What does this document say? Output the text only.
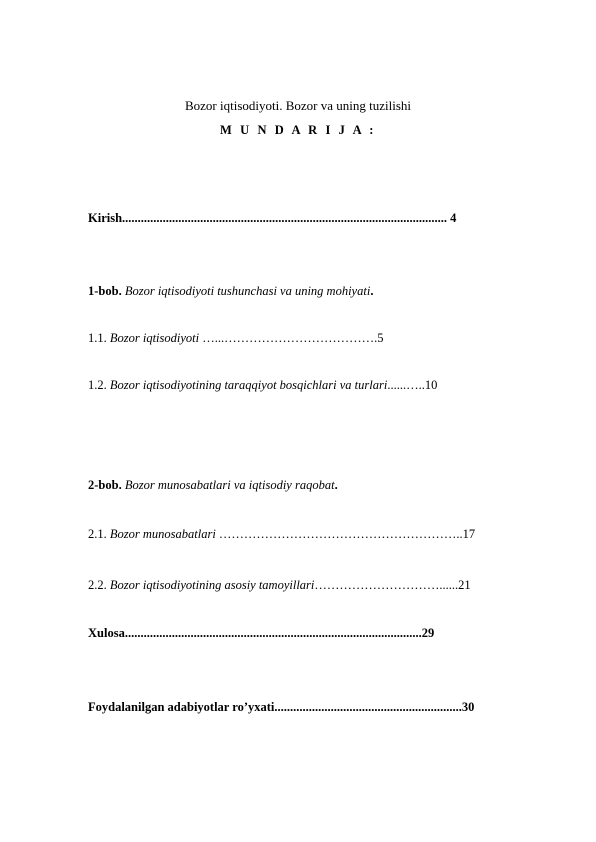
Bozor iqtisodiyoti. Bozor va uning tuzilishi
M U N D A R I J A :
Kirish........................................................................................................ 4
1-bob. Bozor iqtisodiyoti tushunchasi va uning mohiyati.
1.1. Bozor iqtisodiyoti …...……………………………….5
1.2. Bozor iqtisodiyotining taraqqiyot bosqichlari va turlari......…..10
2-bob. Bozor munosabatlari va iqtisodiy raqobat.
2.1. Bozor munosabatlari …………………………………………………..17
2.2. Bozor iqtisodiyotining asosiy tamoyillari…………………………......21
Xulosa...............................................................................................29
Foydalanilgan adabiyotlar ro’yxati............................................................30
